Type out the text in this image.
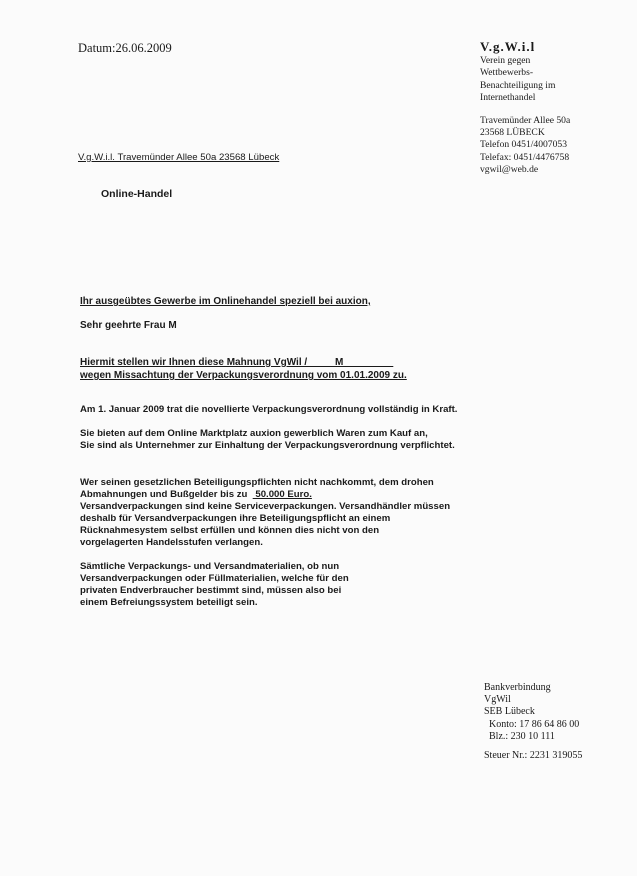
Datum:26.06.2009	V.g.W.i.l
Verein gegen
Wettbewerbs-
Benachteiligung im
Internethandel
Travemünder Allee 50a
23568 LÜBECK
Telefon 0451/4007053
Telefax: 0451/4476758
vgwil@web.de
V.g.W.i.l. Travemünder Allee 50a 23568 Lübeck
Online-Handel
Ihr ausgeübtes Gewerbe im Onlinehandel speziell bei auxion,
Sehr geehrte Frau M
Hiermit stellen wir Ihnen diese Mahnung VgWil /          M
wegen Missachtung der Verpackungsverordnung vom 01.01.2009 zu.
Am 1. Januar 2009 trat die novellierte Verpackungsverordnung vollständig in Kraft.
Sie bieten auf dem Online Marktplatz auxion gewerblich Waren zum Kauf an,
Sie sind als Unternehmer zur Einhaltung der Verpackungsverordnung verpflichtet.
Wer seinen gesetzlichen Beteiligungspflichten nicht nachkommt, dem drohen
Abmahnungen und Bußgelder bis zu   50.000 Euro.
Versandverpackungen sind keine Serviceverpackungen. Versandhändler müssen
deshalb für Versandverpackungen ihre Beteiligungspflicht an einem
Rücknahmesystem selbst erfüllen und können dies nicht von den
vorgelagerten Handelsstufen verlangen.
Sämtliche Verpackungs- und Versandmaterialien, ob nun
Versandverpackungen oder Füllmaterialien, welche für den
privaten Endverbraucher bestimmt sind, müssen also bei
einem Befreiungssystem beteiligt sein.
Bankverbindung
VgWil
SEB Lübeck
Konto: 17 86 64 86 00
Blz.: 230 10 111
Steuer Nr.: 2231 319055
